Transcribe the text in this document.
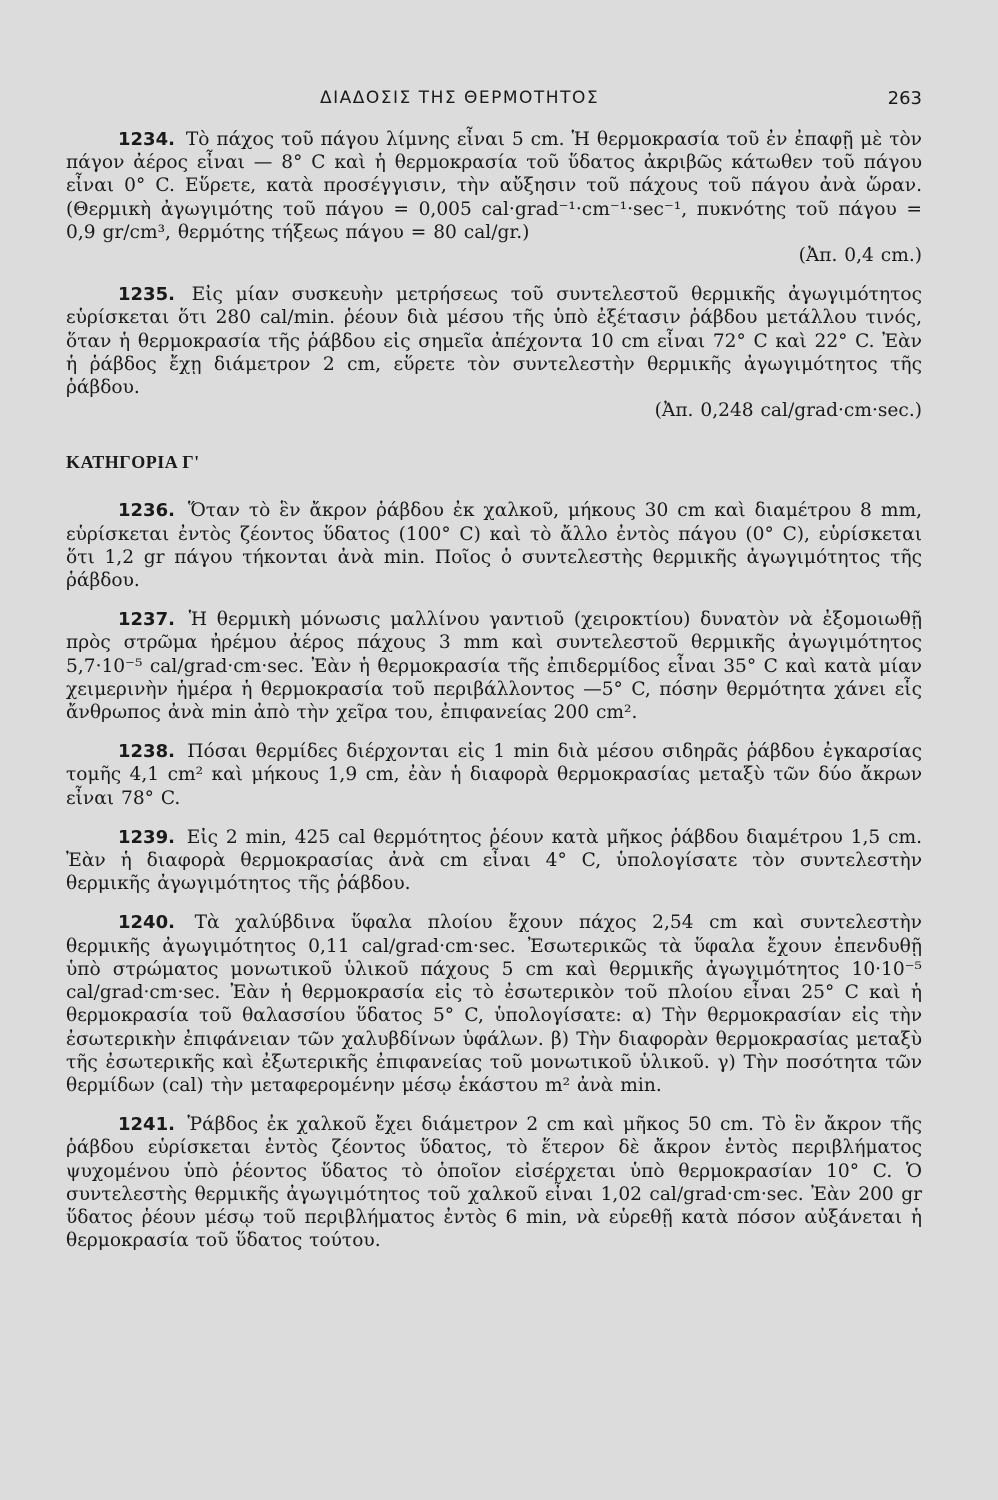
ΔΙΑΔΟΣΙΣ ΤΗΣ ΘΕΡΜΟΤΗΤΟΣ	263

1234. Τὸ πάχος τοῦ πάγου λίμνης εἶναι 5 cm. Ἡ θερμοκρασία τοῦ ἐν ἐπαφῇ μὲ τὸν πάγον ἀέρος εἶναι — 8° C καὶ ἡ θερμοκρασία τοῦ ὕδατος ἀκριβῶς κάτωθεν τοῦ πάγου εἶναι 0° C. Εὕρετε, κατὰ προσέγγισιν, τὴν αὔξησιν τοῦ πάχους τοῦ πάγου ἀνὰ ὥραν. (Θερμικὴ ἀγωγιμότης τοῦ πάγου = 0,005 cal·grad⁻¹·cm⁻¹·sec⁻¹, πυκνότης τοῦ πάγου = 0,9 gr/cm³, θερμότης τήξεως πάγου = 80 cal/gr.)
(Ἀπ. 0,4 cm.)

1235. Εἰς μίαν συσκευὴν μετρήσεως τοῦ συντελεστοῦ θερμικῆς ἀγωγιμότητος εὑρίσκεται ὅτι 280 cal/min. ῥέουν διὰ μέσου τῆς ὑπὸ ἐξέτασιν ῥάβδου μετάλλου τινός, ὅταν ἡ θερμοκρασία τῆς ῥάβδου εἰς σημεῖα ἀπέχοντα 10 cm εἶναι 72° C καὶ 22° C. Ἐὰν ἡ ῥάβδος ἔχῃ διάμετρον 2 cm, εὕρετε τὸν συντελεστὴν θερμικῆς ἀγωγιμότητος τῆς ῥάβδου.
(Ἀπ. 0,248 cal/grad·cm·sec.)

ΚΑΤΗΓΟΡΙΑ Γ'

1236. Ὅταν τὸ ἓν ἄκρον ῥάβδου ἐκ χαλκοῦ, μήκους 30 cm καὶ διαμέτρου 8 mm, εὑρίσκεται ἐντὸς ζέοντος ὕδατος (100° C) καὶ τὸ ἄλλο ἐντὸς πάγου (0° C), εὑρίσκεται ὅτι 1,2 gr πάγου τήκονται ἀνὰ min. Ποῖος ὁ συντελεστὴς θερμικῆς ἀγωγιμότητος τῆς ῥάβδου.

1237. Ἡ θερμικὴ μόνωσις μαλλίνου γαντιοῦ (χειροκτίου) δυνατὸν νὰ ἐξομοιωθῇ πρὸς στρῶμα ἠρέμου ἀέρος πάχους 3 mm καὶ συντελεστοῦ θερμικῆς ἀγωγιμότητος 5,7·10⁻⁵ cal/grad·cm·sec. Ἐὰν ἡ θερμοκρασία τῆς ἐπιδερμίδος εἶναι 35° C καὶ κατὰ μίαν χειμερινὴν ἡμέρα ἡ θερμοκρασία τοῦ περιβάλλοντος —5° C, πόσην θερμότητα χάνει εἷς ἄνθρωπος ἀνὰ min ἀπὸ τὴν χεῖρα του, ἐπιφανείας 200 cm².

1238. Πόσαι θερμίδες διέρχονται εἰς 1 min διὰ μέσου σιδηρᾶς ῥάβδου ἐγκαρσίας τομῆς 4,1 cm² καὶ μήκους 1,9 cm, ἐὰν ἡ διαφορὰ θερμοκρασίας μεταξὺ τῶν δύο ἄκρων εἶναι 78° C.

1239. Εἰς 2 min, 425 cal θερμότητος ῥέουν κατὰ μῆκος ῥάβδου διαμέτρου 1,5 cm. Ἐὰν ἡ διαφορὰ θερμοκρασίας ἀνὰ cm εἶναι 4° C, ὑπολογίσατε τὸν συντελεστὴν θερμικῆς ἀγωγιμότητος τῆς ῥάβδου.

1240. Τὰ χαλύβδινα ὕφαλα πλοίου ἔχουν πάχος 2,54 cm καὶ συντελεστὴν θερμικῆς ἀγωγιμότητος 0,11 cal/grad·cm·sec. Ἐσωτερικῶς τὰ ὕφαλα ἔχουν ἐπενδυθῇ ὑπὸ στρώματος μονωτικοῦ ὑλικοῦ πάχους 5 cm καὶ θερμικῆς ἀγωγιμότητος 10·10⁻⁵ cal/grad·cm·sec. Ἐὰν ἡ θερμοκρασία εἰς τὸ ἐσωτερικὸν τοῦ πλοίου εἶναι 25° C καὶ ἡ θερμοκρασία τοῦ θαλασσίου ὕδατος 5° C, ὑπολογίσατε: α) Τὴν θερμοκρασίαν εἰς τὴν ἐσωτερικὴν ἐπιφάνειαν τῶν χαλυβδίνων ὑφάλων. β) Τὴν διαφορὰν θερμοκρασίας μεταξὺ τῆς ἐσωτερικῆς καὶ ἐξωτερικῆς ἐπιφανείας τοῦ μονωτικοῦ ὑλικοῦ. γ) Τὴν ποσότητα τῶν θερμίδων (cal) τὴν μεταφερομένην μέσῳ ἑκάστου m² ἀνὰ min.

1241. Ῥάβδος ἐκ χαλκοῦ ἔχει διάμετρον 2 cm καὶ μῆκος 50 cm. Τὸ ἓν ἄκρον τῆς ῥάβδου εὑρίσκεται ἐντὸς ζέοντος ὕδατος, τὸ ἕτερον δὲ ἄκρον ἐντὸς περιβλήματος ψυχομένου ὑπὸ ῥέοντος ὕδατος τὸ ὁποῖον εἰσέρχεται ὑπὸ θερμοκρασίαν 10° C. Ὁ συντελεστὴς θερμικῆς ἀγωγιμότητος τοῦ χαλκοῦ εἶναι 1,02 cal/grad·cm·sec. Ἐὰν 200 gr ὕδατος ῥέουν μέσῳ τοῦ περιβλήματος ἐντὸς 6 min, νὰ εὑρεθῇ κατὰ πόσον αὐξάνεται ἡ θερμοκρασία τοῦ ὕδατος τούτου.
